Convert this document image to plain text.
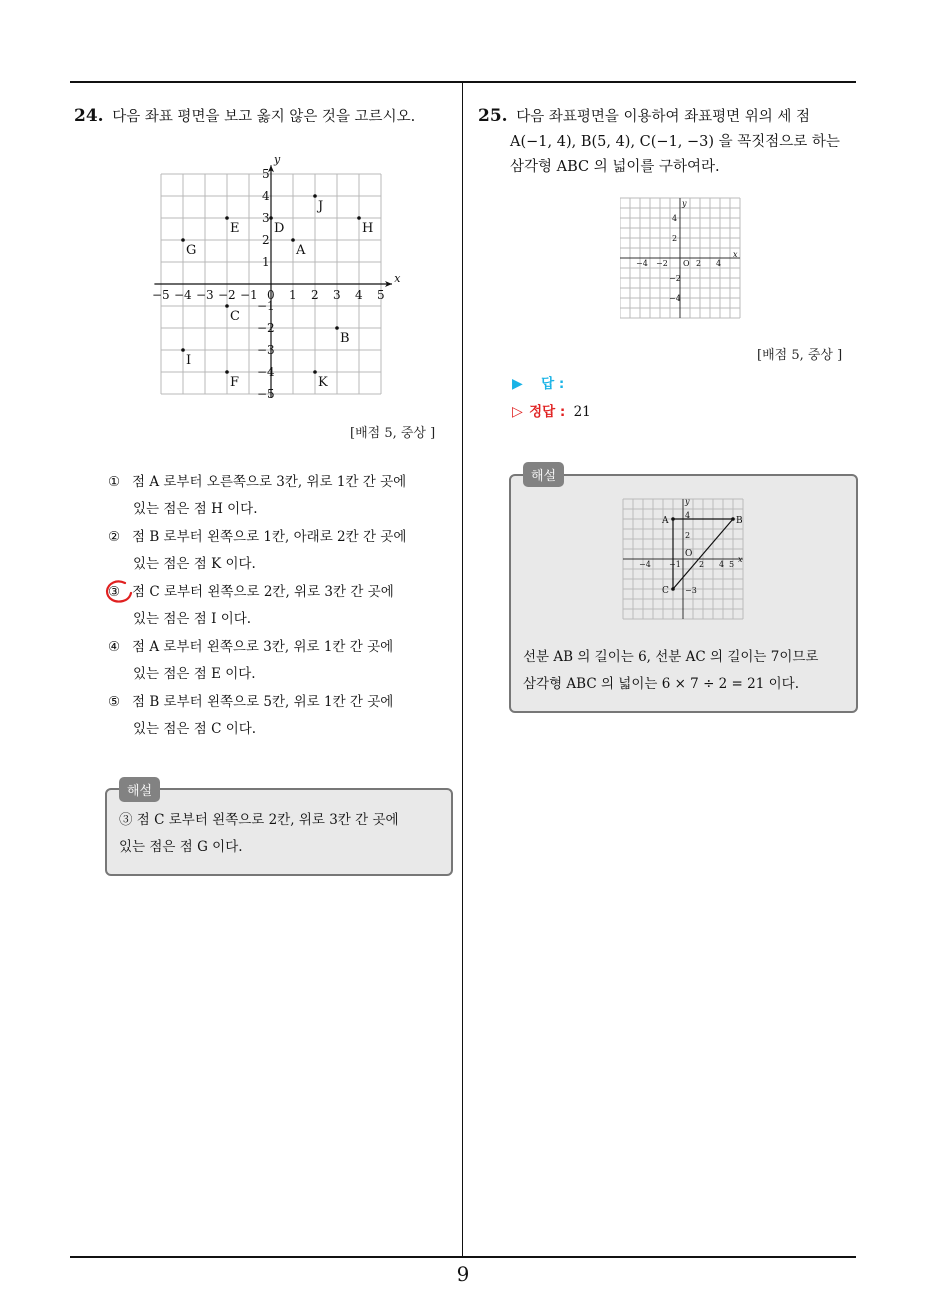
9
24. 다음 좌표 평면을 보고 옳지 않은 것을 고르시오.
x
y
−5 −4 −3 −2 −1 0 1 2 3 4 5
5
4
3
2
1
−1
−2
−3
−4
−5
J
E	D	H
G	A
C
B
I
F	K
[배점 5, 중상 ]
① 점 A 로부터 오른쪽으로 3칸, 위로 1칸 간 곳에
있는 점은 점 H 이다.
② 점 B 로부터 왼쪽으로 1칸, 아래로 2칸 간 곳에
있는 점은 점 K 이다.
③ 점 C 로부터 왼쪽으로 2칸, 위로 3칸 간 곳에
있는 점은 점 I 이다.
④ 점 A 로부터 왼쪽으로 3칸, 위로 1칸 간 곳에
있는 점은 점 E 이다.
⑤ 점 B 로부터 왼쪽으로 5칸, 위로 1칸 간 곳에
있는 점은 점 C 이다.
③ 점 C 로부터 왼쪽으로 2칸, 위로 3칸 간 곳에
있는 점은 점 G 이다.
해설
25. 다음 좌표평면을 이용하여 좌표평면 위의 세 점
A(−1, 4), B(5, 4), C(−1, −3) 을 꼭짓점으로 하는
삼각형 ABC 의 넓이를 구하여라.
x
y
−4 −2 O 2 4
4
2
−2
−4
[배점 5, 중상 ]
▶ 답 :
▷ 정답 : 21
x
y
A	B
C
−4 −1 2 4 5
4
2
−3
O
선분 AB 의 길이는 6, 선분 AC 의 길이는 7이므로
삼각형 ABC 의 넓이는 6 × 7 ÷ 2 = 21 이다.
해설
